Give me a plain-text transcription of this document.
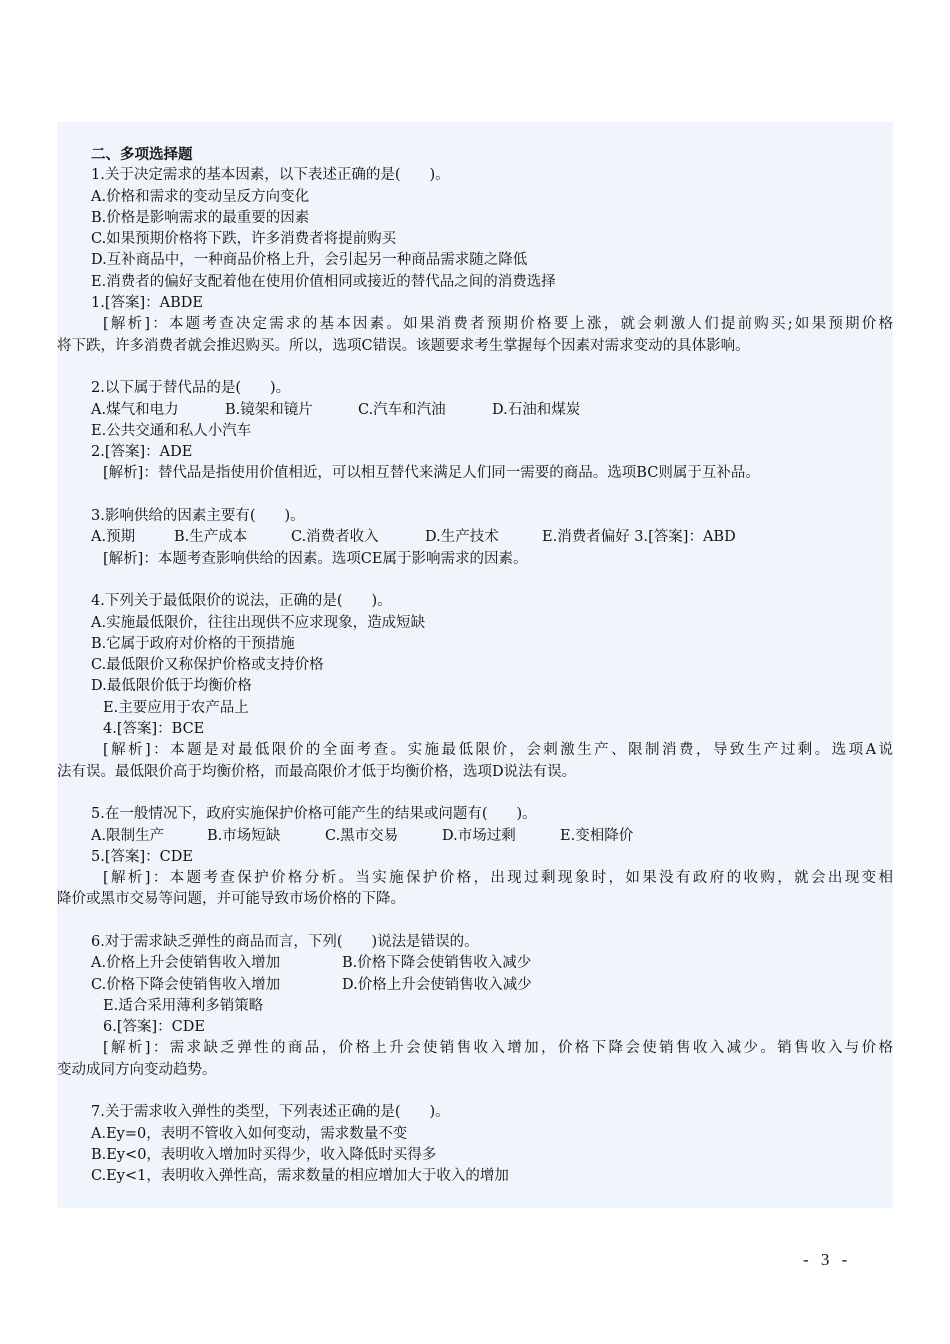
二、多项选择题
1.关于决定需求的基本因素，以下表述正确的是(　　)。
A.价格和需求的变动呈反方向变化
B.价格是影响需求的最重要的因素
C.如果预期价格将下跌，许多消费者将提前购买
D.互补商品中，一种商品价格上升，会引起另一种商品需求随之降低
E.消费者的偏好支配着他在使用价值相同或接近的替代品之间的消费选择
1.[答案]：ABDE
[解析]：本题考查决定需求的基本因素。如果消费者预期价格要上涨，就会刺激人们提前购买;如果预期价格
将下跌，许多消费者就会推迟购买。所以，选项C错误。该题要求考生掌握每个因素对需求变动的具体影响。
2.以下属于替代品的是(　　)。
A.煤气和电力	B.镜架和镜片	C.汽车和汽油	D.石油和煤炭
E.公共交通和私人小汽车
2.[答案]：ADE
[解析]：替代品是指使用价值相近，可以相互替代来满足人们同一需要的商品。选项BC则属于互补品。
3.影响供给的因素主要有(　　)。
A.预期	B.生产成本	C.消费者收入	D.生产技术	E.消费者偏好 3.[答案]：ABD
[解析]：本题考查影响供给的因素。选项CE属于影响需求的因素。
4.下列关于最低限价的说法，正确的是(　　)。
A.实施最低限价，往往出现供不应求现象，造成短缺
B.它属于政府对价格的干预措施
C.最低限价又称保护价格或支持价格
D.最低限价低于均衡价格
E.主要应用于农产品上
4.[答案]：BCE
[解析]：本题是对最低限价的全面考查。实施最低限价，会刺激生产、限制消费，导致生产过剩。选项A说
法有误。最低限价高于均衡价格，而最高限价才低于均衡价格，选项D说法有误。
5.在一般情况下，政府实施保护价格可能产生的结果或问题有(　　)。
A.限制生产	B.市场短缺	C.黑市交易	D.市场过剩	E.变相降价
5.[答案]：CDE
[解析]：本题考查保护价格分析。当实施保护价格，出现过剩现象时，如果没有政府的收购，就会出现变相
降价或黑市交易等问题，并可能导致市场价格的下降。
6.对于需求缺乏弹性的商品而言，下列(　　)说法是错误的。
A.价格上升会使销售收入增加	B.价格下降会使销售收入减少
C.价格下降会使销售收入增加	D.价格上升会使销售收入减少
E.适合采用薄利多销策略
6.[答案]：CDE
[解析]：需求缺乏弹性的商品，价格上升会使销售收入增加，价格下降会使销售收入减少。销售收入与价格
变动成同方向变动趋势。
7.关于需求收入弹性的类型，下列表述正确的是(　　)。
A.Ey=0，表明不管收入如何变动，需求数量不变
B.Ey<0，表明收入增加时买得少，收入降低时买得多
C.Ey<1，表明收入弹性高，需求数量的相应增加大于收入的增加
- 3 -
